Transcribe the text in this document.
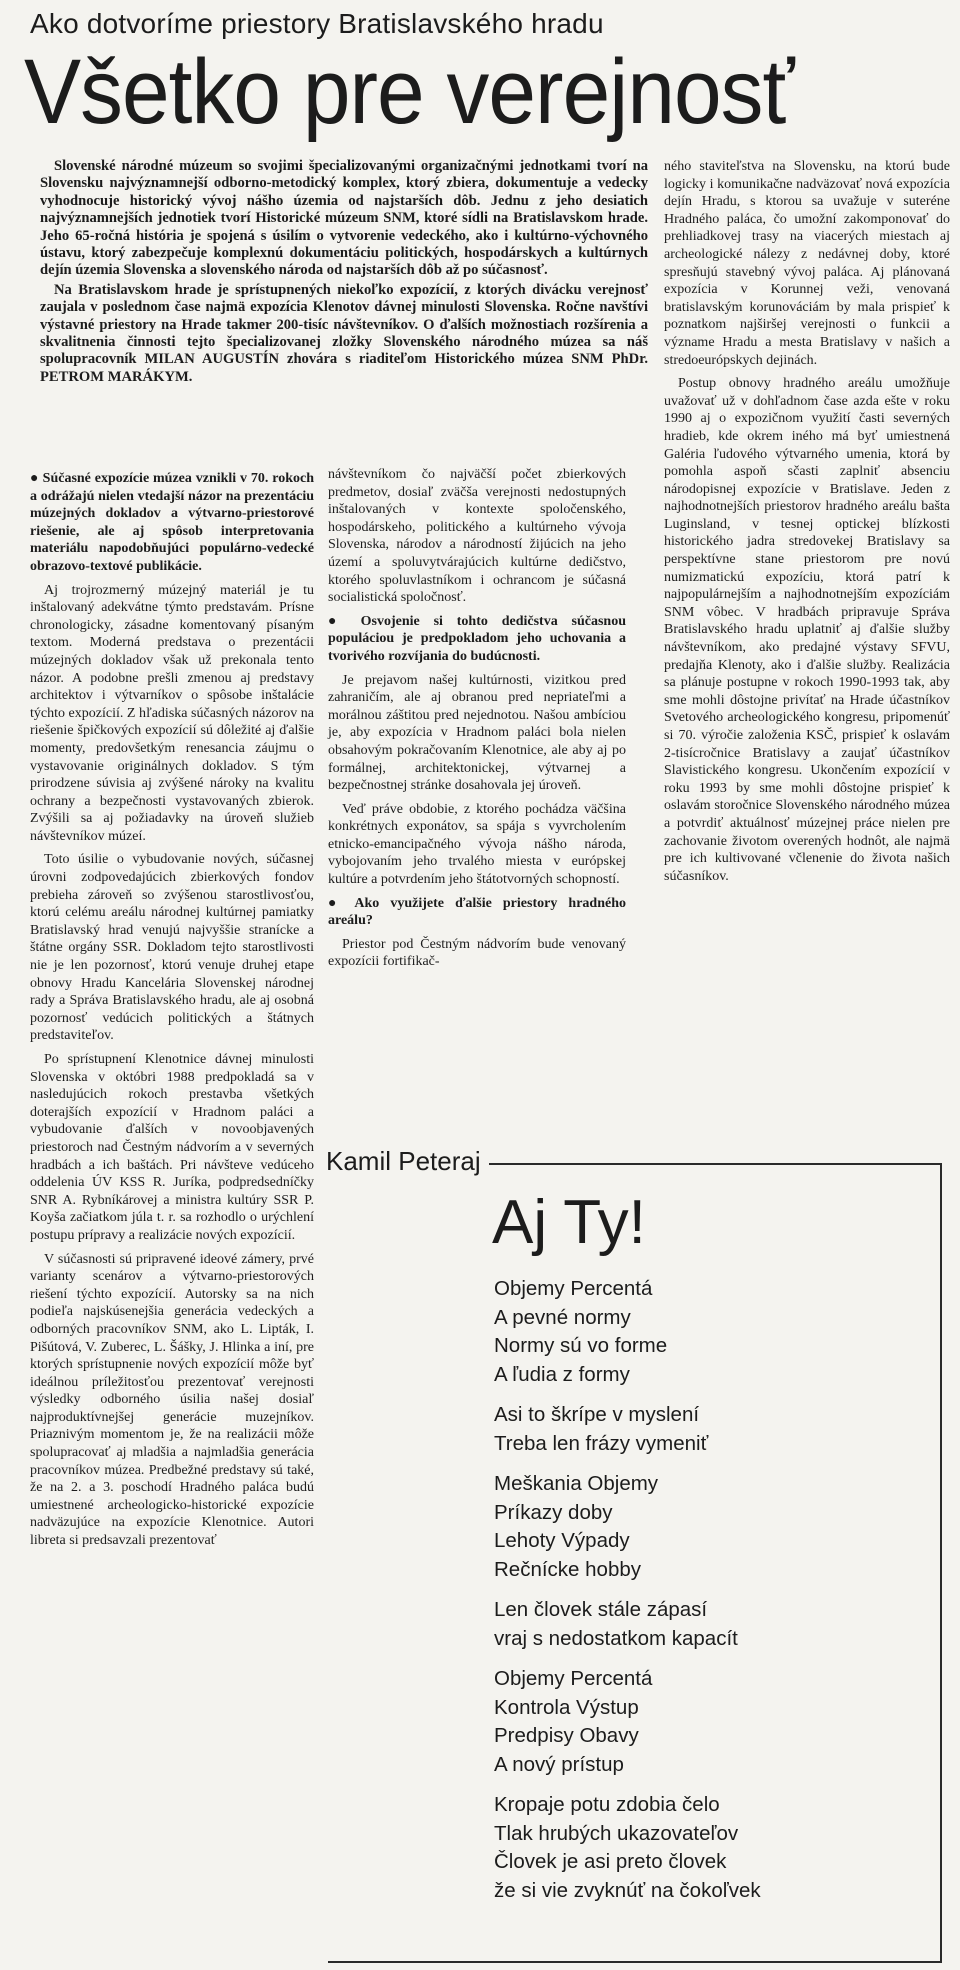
Ako dotvoríme priestory Bratislavského hradu
Všetko pre verejnosť

Slovenské národné múzeum so svojimi špecializovanými organizačnými jednotkami tvorí na Slovensku najvýznamnejší odborno-metodický komplex, ktorý zbiera, dokumentuje a vedecky vyhodnocuje historický vývoj nášho územia od najstarších dôb. Jednu z jeho desiatich najvýznamnejších jednotiek tvorí Historické múzeum SNM, ktoré sídli na Bratislavskom hrade. Jeho 65-ročná história je spojená s úsilím o vytvorenie vedeckého, ako i kultúrno-výchovného ústavu, ktorý zabezpečuje komplexnú dokumentáciu politických, hospodárskych a kultúrnych dejín územia Slovenska a slovenského národa od najstarších dôb až po súčasnosť.

Na Bratislavskom hrade je sprístupnených niekoľko expozícií, z ktorých divácku verejnosť zaujala v poslednom čase najmä expozícia Klenotov dávnej minulosti Slovenska. Ročne navštívi výstavné priestory na Hrade takmer 200-tisíc návštevníkov. O ďalších možnostiach rozšírenia a skvalitnenia činnosti tejto špecializovanej zložky Slovenského národného múzea sa náš spolupracovník MILAN AUGUSTÍN zhovára s riaditeľom Historického múzea SNM PhDr. PETROM MARÁKYM.

● Súčasné expozície múzea vznikli v 70. rokoch a odrážajú nielen vtedajší názor na prezentáciu múzejných dokladov a výtvarno-priestorové riešenie, ale aj spôsob interpretovania materiálu napodobňujúci populárno-vedecké obrazovo-textové publikácie.

Aj trojrozmerný múzejný materiál je tu inštalovaný adekvátne týmto predstavám. Prísne chronologicky, zásadne komentovaný písaným textom. Moderná predstava o prezentácii múzejných dokladov však už prekonala tento názor. A podobne prešli zmenou aj predstavy architektov i výtvarníkov o spôsobe inštalácie týchto expozícií. Z hľadiska súčasných názorov na riešenie špičkových expozícií sú dôležité aj ďalšie momenty, predovšetkým renesancia záujmu o vystavovanie originálnych dokladov. S tým prirodzene súvisia aj zvýšené nároky na kvalitu ochrany a bezpečnosti vystavovaných zbierok. Zvýšili sa aj požiadavky na úroveň služieb návštevníkov múzeí.

Toto úsilie o vybudovanie nových, súčasnej úrovni zodpovedajúcich zbierkových fondov prebieha zároveň so zvýšenou starostlivosťou, ktorú celému areálu národnej kultúrnej pamiatky Bratislavský hrad venujú najvyššie stranícke a štátne orgány SSR. Dokladom tejto starostlivosti nie je len pozornosť, ktorú venuje druhej etape obnovy Hradu Kancelária Slovenskej národnej rady a Správa Bratislavského hradu, ale aj osobná pozornosť vedúcich politických a štátnych predstaviteľov.

Po sprístupnení Klenotnice dávnej minulosti Slovenska v októbri 1988 predpokladá sa v nasledujúcich rokoch prestavba všetkých doterajších expozícií v Hradnom paláci a vybudovanie ďalších v novoobjavených priestoroch nad Čestným nádvorím a v severných hradbách a ich baštách. Pri návšteve vedúceho oddelenia ÚV KSS R. Juríka, podpredsedníčky SNR A. Rybníkárovej a ministra kultúry SSR P. Koyša začiatkom júla t. r. sa rozhodlo o urýchlení postupu prípravy a realizácie nových expozícií.

V súčasnosti sú pripravené ideové zámery, prvé varianty scenárov a výtvarno-priestorových riešení týchto expozícií. Autorsky sa na nich podieľa najskúsenejšia generácia vedeckých a odborných pracovníkov SNM, ako L. Lipták, I. Pišútová, V. Zubereс, L. Šášky, J. Hlinka a iní, pre ktorých sprístupnenie nových expozícií môže byť ideálnou príležitosťou prezentovať verejnosti výsledky odborného úsilia našej dosiaľ najproduktívnejšej generácie muzejníkov. Priaznivým momentom je, že na realizácii môže spolupracovať aj mladšia a najmladšia generácia pracovníkov múzea. Predbežné predstavy sú také, že na 2. a 3. poschodí Hradného paláca budú umiestnené archeologicko-historické expozície nadväzujúce na expozície Klenotnice. Autori libreta si predsavzali prezentovať

návštevníkom čo najväčší počet zbierkových predmetov, dosiaľ zväčša verejnosti nedostupných inštalovaných v kontexte spoločenského, hospodárskeho, politického a kultúrneho vývoja Slovenska, národov a národností žijúcich na jeho území a spoluvytvárajúcich kultúrne dedičstvo, ktorého spoluvlastníkom i ochrancom je súčasná socialistická spoločnosť.

● Osvojenie si tohto dedičstva súčasnou populáciou je predpokladom jeho uchovania a tvorivého rozvíjania do budúcnosti.

Je prejavom našej kultúrnosti, vizitkou pred zahraničím, ale aj obranou pred nepriateľmi a morálnou záštitou pred nejednotou. Našou ambíciou je, aby expozícia v Hradnom paláci bola nielen obsahovým pokračovaním Klenotnice, ale aby aj po formálnej, architektonickej, výtvarnej a bezpečnostnej stránke dosahovala jej úroveň.

Veď práve obdobie, z ktorého pochádza väčšina konkrétnych exponátov, sa spája s vyvrcholením etnicko-emancipačného vývoja nášho národa, vybojovaním jeho trvalého miesta v európskej kultúre a potvrdením jeho štátotvorných schopností.

● Ako využijete ďalšie priestory hradného areálu?

Priestor pod Čestným nádvorím bude venovaný expozícii fortifikač-

ného staviteľstva na Slovensku, na ktorú bude logicky i komunikačne nadväzovať nová expozícia dejín Hradu, s ktorou sa uvažuje v suteréne Hradného paláca, čo umožní zakomponovať do prehliadkovej trasy na viacerých miestach aj archeologické nálezy z nedávnej doby, ktoré spresňujú stavebný vývoj paláca. Aj plánovaná expozícia v Korunnej veži, venovaná bratislavským korunováciám by mala prispieť k poznatkom najširšej verejnosti o funkcii a význame Hradu a mesta Bratislavy v našich a stredoeurópskych dejinách.

Postup obnovy hradného areálu umožňuje uvažovať už v dohľadnom čase azda ešte v roku 1990 aj o expozičnom využití časti severných hradieb, kde okrem iného má byť umiestnená Galéria ľudového výtvarného umenia, ktorá by pomohla aspoň sčasti zaplniť absenciu národopisnej expozície v Bratislave. Jeden z najhodnotnejších priestorov hradného areálu bašta Luginsland, v tesnej optickej blízkosti historického jadra stredovekej Bratislavy sa perspektívne stane priestorom pre novú numizmatickú expozíciu, ktorá patrí k najpopulárnejším a najhodnotnejším expozíciám SNM vôbec. V hradbách pripravuje Správa Bratislavského hradu uplatniť aj ďalšie služby návštevníkom, ako predajné výstavy SFVU, predajňa Klenoty, ako i ďalšie služby. Realizácia sa plánuje postupne v rokoch 1990-1993 tak, aby sme mohli dôstojne privítať na Hrade účastníkov Svetového archeologického kongresu, pripomenúť si 70. výročie založenia KSČ, prispieť k oslavám 2-tisícročnice Bratislavy a zaujať účastníkov Slavistického kongresu. Ukončením expozícií v roku 1993 by sme mohli dôstojne prispieť k oslavám storočnice Slovenského národného múzea a potvrdiť aktuálnosť múzejnej práce nielen pre zachovanie životom overených hodnôt, ale najmä pre ich kultivované včlenenie do života našich súčasníkov.

Kamil Peteraj
Aj Ty!
Objemy Percentá
A pevné normy
Normy sú vo forme
A ľudia z formy
Asi to škrípe v myslení
Treba len frázy vymeniť
Meškania Objemy
Príkazy doby
Lehoty Výpady
Rečnícke hobby
Len človek stále zápasí
vraj s nedostatkom kapacít
Objemy Percentá
Kontrola Výstup
Predpisy Obavy
A nový prístup
Kropaje potu zdobia čelo
Tlak hrubých ukazovateľov
Človek je asi preto človek
že si vie zvyknúť na čokoľvek
